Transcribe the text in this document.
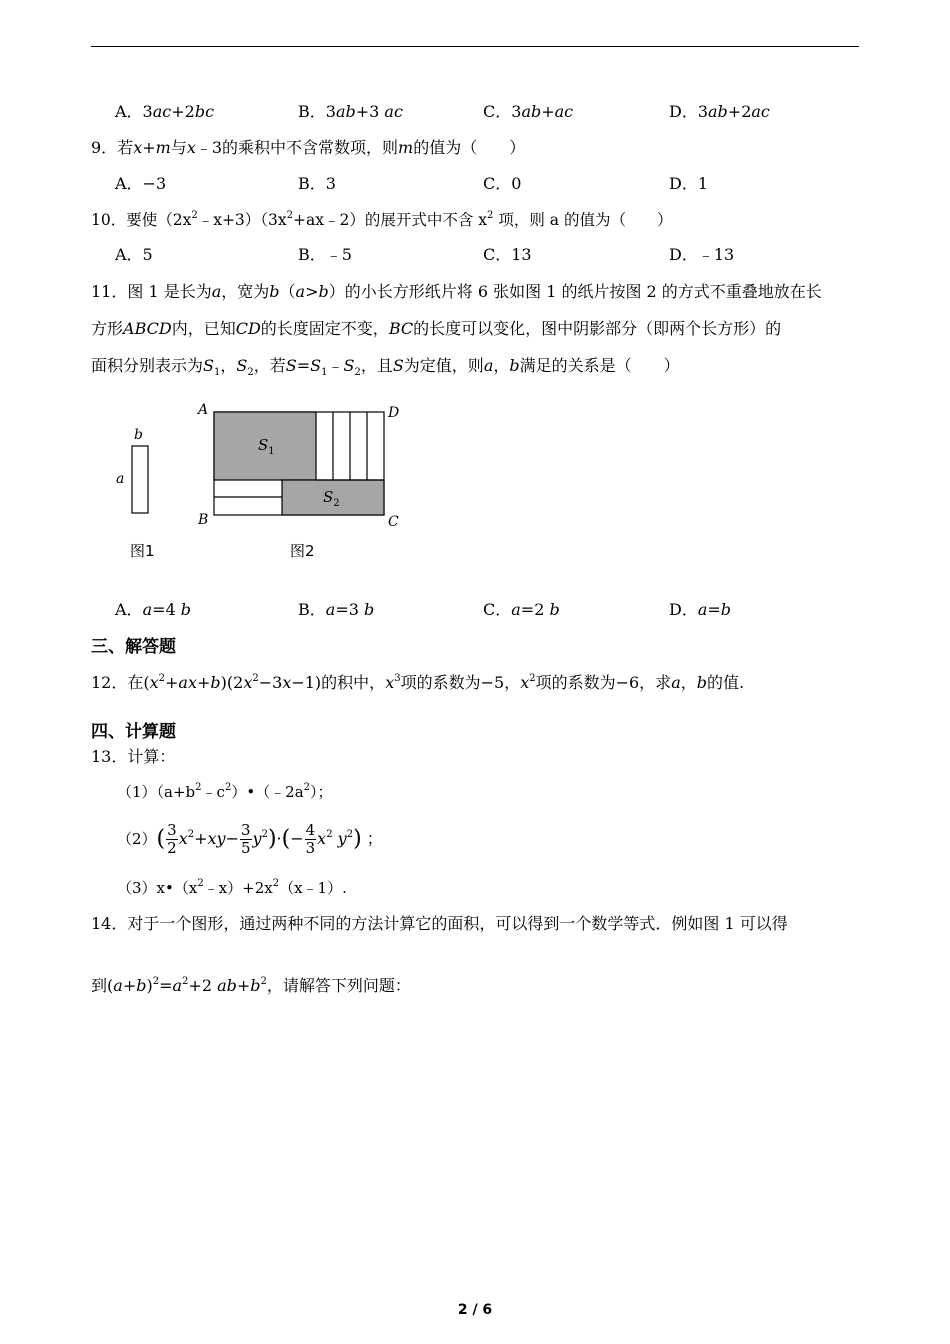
A．3ac+2bc	B．3ab+3 ac	C．3ab+ac	D．3ab+2ac
9．若x+m与x﹣3的乘积中不含常数项，则m的值为（　　）
A．−3	B．3	C．0	D．1
10．要使$(2x^2﹣x+3)(3x^2+ax﹣2)$的展开式中不含 $x^2$ 项，则 a 的值为（　　）
A．5	B．﹣5	C．13	D．﹣13
11．图 1 是长为a，宽为b（a>b）的小长方形纸片将 6 张如图 1 的纸片按图 2 的方式不重叠地放在长
方形ABCD内，已知CD的长度固定不变，BC的长度可以变化，图中阴影部分（即两个长方形）的
面积分别表示为$S_1$，$S_2$，若$S=S_1﹣S_2$，且S为定值，则a，b满足的关系是（　　）
b
a
图1
$S_1$
$S_2$
A	D
B	C
图2
A．a=4 b	B．a=3 b	C．a=2 b	D．a=b
三、解答题
12．在$(x^2+ax+b)(2x^2-3x-1)$的积中，$x^3$项的系数为−5，$x^2$项的系数为−6，求a，b的值.
四、计算题
13．计算：
$(1)(a+b^2﹣c^2)•(﹣2a^2)$；
$(2)( \frac{3}{2} x^2+xy- \frac{3}{5} y^2)\cdot(- \frac{4}{3} x^2$ $y^2$) ；
$(3)x•(x^2﹣x)+2x^2(x﹣1)$.
14．对于一个图形，通过两种不同的方法计算它的面积，可以得到一个数学等式．例如图 1 可以得
到$(a+b)^2=a^2+2$ $ab+b^2$，请解答下列问题：
2 / 6
